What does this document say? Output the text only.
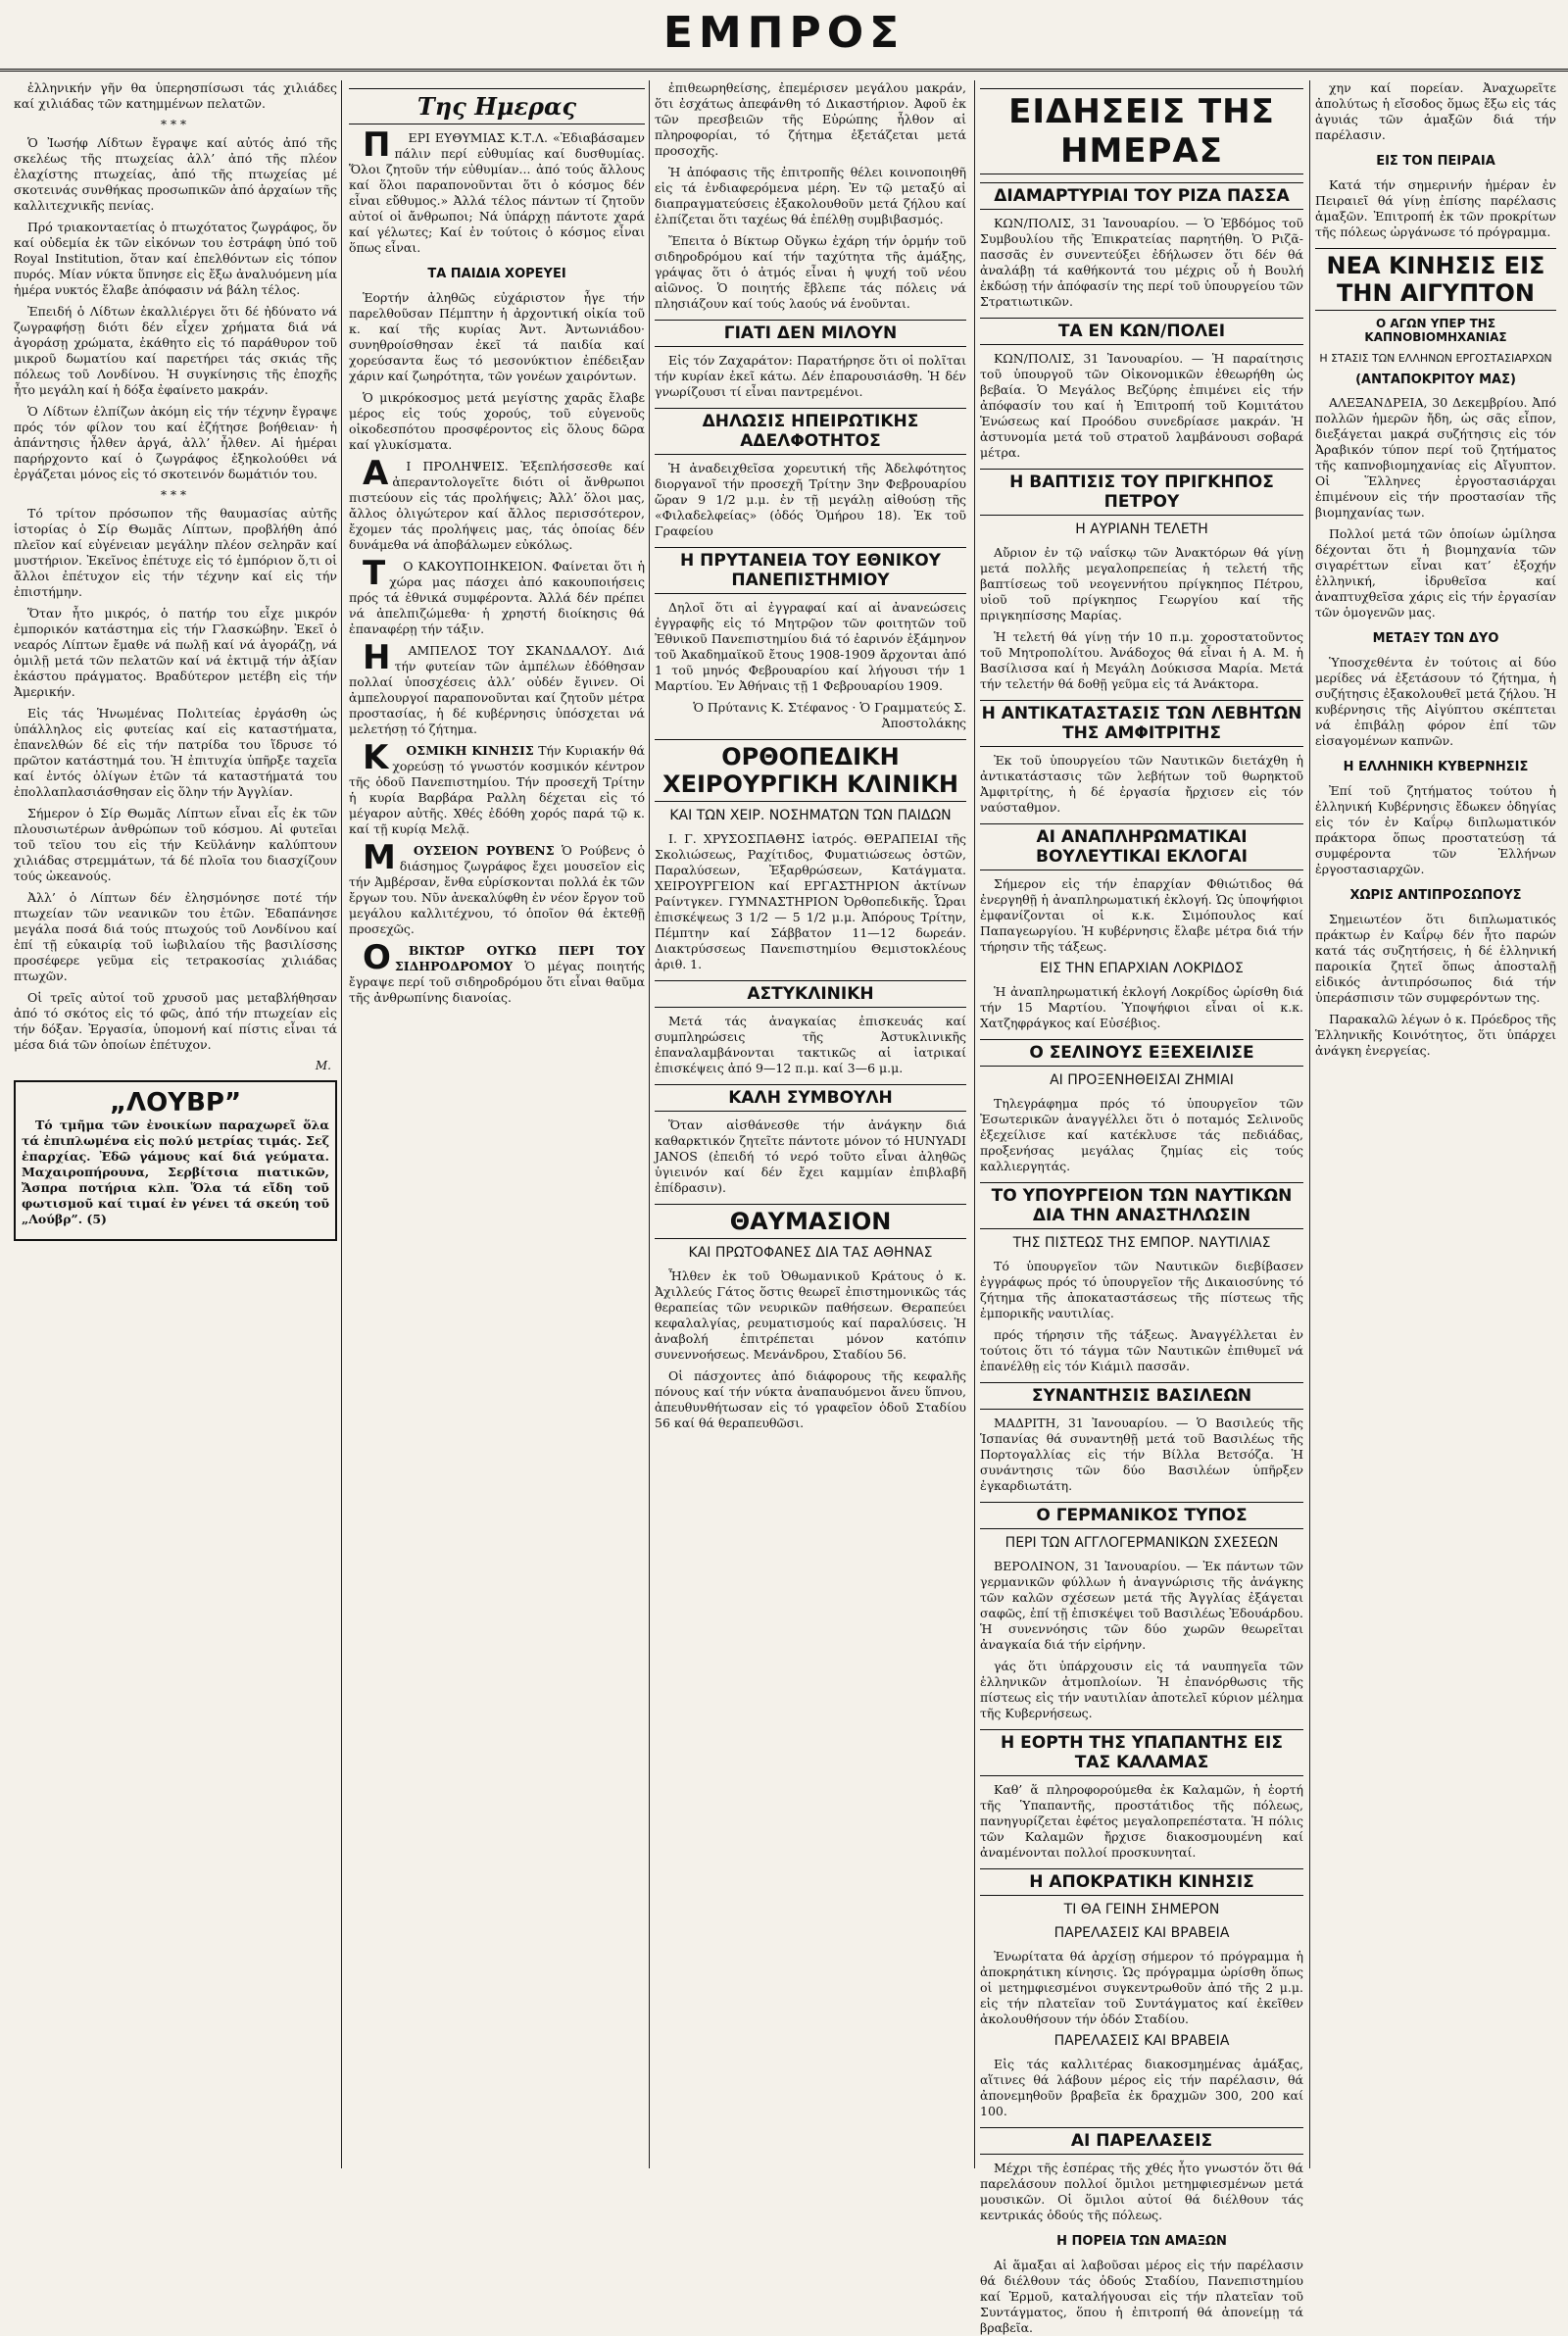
ΕΜΠΡΟΣ

ἐλληνικήν γῆν θα ὑπερησπίσωσι τάς χιλιάδες καί χιλιάδας τῶν κατημμένων πελατῶν.

***

Ὁ Ἰωσήφ Λίδτων ἔγραψε καί αὐτός ἀπό τῆς σκελέως τῆς πτωχείας ἀλλ’ ἀπό τῆς πλέον ἐλαχίστης πτωχείας, ἀπό τῆς πτωχείας μέ σκοτεινάς συνθήκας προσωπικῶν ἀπό ἀρχαίων τῆς καλλιτεχνικῆς πενίας.

Πρό τριακονταετίας ὁ πτωχότατος ζωγράφος, ὅν καί οὐδεμία ἐκ τῶν εἰκόνων του ἐστράφη ὑπό τοῦ Royal Institution, ὅταν καί ἐπελθόντων εἰς τόπον πυρός. Μίαν νύκτα ὕπνησε εἰς ἔξω ἀναλυόμενη μία ἡμέρα νυκτός ἔλαβε ἀπόφασιν νά βάλη τέλος.

Ἐπειδή ὁ Λίδτων ἐκαλλιέργει ὅτι δέ ἠδύνατο νά ζωγραφήσῃ διότι δέν εἶχεν χρήματα διά νά ἀγοράσῃ χρώματα, ἐκάθητο εἰς τό παράθυρον τοῦ μικροῦ δωματίου καί παρετήρει τάς σκιάς τῆς πόλεως τοῦ Λονδίνου. Ἡ συγκίνησις τῆς ἐποχῆς ἦτο μεγάλη καί ἡ δόξα ἐφαίνετο μακράν.

Ὁ Λίδτων ἐλπίζων ἀκόμη εἰς τήν τέχνην ἔγραψε πρός τόν φίλον του καί ἐζήτησε βοήθειαν· ἡ ἀπάντησις ἦλθεν ἀργά, ἀλλ’ ἦλθεν. Αἱ ἡμέραι παρήρχοντο καί ὁ ζωγράφος ἐξηκολούθει νά ἐργάζεται μόνος εἰς τό σκοτεινόν δωμάτιόν του.

***

Τό τρίτον πρόσωπον τῆς θαυμασίας αὐτῆς ἱστορίας ὁ Σίρ Θωμᾶς Λίπτων, προβλήθη ἀπό πλεῖον καί εὐγένειαν μεγάλην πλέον σεληρᾶν καί μυστήριον. Ἐκεῖνος ἐπέτυχε εἰς τό ἐμπόριον ὅ,τι οἱ ἄλλοι ἐπέτυχον εἰς τήν τέχνην καί εἰς τήν ἐπιστήμην.

Ὅταν ἦτο μικρός, ὁ πατήρ του εἶχε μικρόν ἐμπορικόν κατάστημα εἰς τήν Γλασκώβην. Ἐκεῖ ὁ νεαρός Λίπτων ἔμαθε νά πωλῇ καί νά ἀγοράζῃ, νά ὁμιλῇ μετά τῶν πελατῶν καί νά ἐκτιμᾷ τήν ἀξίαν ἑκάστου πράγματος. Βραδύτερον μετέβη εἰς τήν Ἀμερικήν.

Εἰς τάς Ἡνωμένας Πολιτείας ἐργάσθη ὡς ὑπάλληλος εἰς φυτείας καί εἰς καταστήματα, ἐπανελθών δέ εἰς τήν πατρίδα του ἵδρυσε τό πρῶτον κατάστημά του. Ἡ ἐπιτυχία ὑπῆρξε ταχεῖα καί ἐντός ὀλίγων ἐτῶν τά καταστήματά του ἐπολλαπλασιάσθησαν εἰς ὅλην τήν Ἀγγλίαν.

Σήμερον ὁ Σίρ Θωμᾶς Λίπτων εἶναι εἷς ἐκ τῶν πλουσιωτέρων ἀνθρώπων τοῦ κόσμου. Αἱ φυτεῖαι τοῦ τεϊου του εἰς τήν Κεϋλάνην καλύπτουν χιλιάδας στρεμμάτων, τά δέ πλοῖα του διασχίζουν τούς ὠκεανούς.

Ἀλλ’ ὁ Λίπτων δέν ἐλησμόνησε ποτέ τήν πτωχείαν τῶν νεανικῶν του ἐτῶν. Ἐδαπάνησε μεγάλα ποσά διά τούς πτωχούς τοῦ Λονδίνου καί ἐπί τῇ εὐκαιρίᾳ τοῦ ἰωβιλαίου τῆς βασιλίσσης προσέφερε γεῦμα εἰς τετρακοσίας χιλιάδας πτωχῶν.

Οἱ τρεῖς αὐτοί τοῦ χρυσοῦ μας μεταβλήθησαν ἀπό τό σκότος εἰς τό φῶς, ἀπό τήν πτωχείαν εἰς τήν δόξαν. Ἐργασία, ὑπομονή καί πίστις εἶναι τά μέσα διά τῶν ὁποίων ἐπέτυχον.

Μ.
„ΛΟΥΒΡ”

Τό τμῆμα τῶν ἐνοικίων παραχωρεῖ ὅλα τά ἐπιπλωμένα εἰς πολύ μετρίας τιμάς. Σεζ ἐπαρχίας. Ἐδῶ γάμους καί διά γεύματα. Μαχαιροπήρουνα, Σερβίτσια πιατικῶν, Ἄσπρα ποτήρια κλπ. Ὅλα τά εἴδη τοῦ φωτισμοῦ καί τιμαί ἐν γένει τά σκεύη τοῦ „Λούβρ”. (5)

Της Ημερας

Π	ΕΡΙ ΕΥΘΥΜΙΑΣ Κ.Τ.Λ. «Ἐδιαβάσαμεν πάλιν περί εὐθυμίας καί δυσθυμίας. Ὅλοι ζητοῦν τήν εὐθυμίαν... ἀπό τούς ἄλλους καί ὅλοι παραπονοῦνται ὅτι ὁ κόσμος δέν εἶναι εὔθυμος.» Ἀλλά τέλος πάντων τί ζητοῦν αὐτοί οἱ ἄνθρωποι; Νά ὑπάρχῃ πάντοτε χαρά καί γέλωτες; Καί ἐν τούτοις ὁ κόσμος εἶναι ὅπως εἶναι.

ΤΑ ΠΑΙΔΙΑ ΧΟΡΕΥΕΙ

Ἑορτήν ἀληθῶς εὐχάριστον ἦγε τήν παρελθοῦσαν Πέμπτην ἡ ἀρχοντική οἰκία τοῦ κ. καί τῆς κυρίας Ἀντ. Ἀντωνιάδου· συνηθροίσθησαν ἐκεῖ τά παιδία καί χορεύσαντα ἕως τό μεσονύκτιον ἐπέδειξαν χάριν καί ζωηρότητα, τῶν γονέων χαιρόντων.

Ὁ μικρόκοσμος μετά μεγίστης χαρᾶς ἔλαβε μέρος εἰς τούς χορούς, τοῦ εὐγενοῦς οἰκοδεσπότου προσφέροντος εἰς ὅλους δῶρα καί γλυκίσματα.

Α	Ι ΠΡΟΛΗΨΕΙΣ. Ἐξεπλήσσεσθε καί ἀπεραντολογεῖτε διότι οἱ ἄνθρωποι πιστεύουν εἰς τάς προλήψεις; Ἀλλ’ ὅλοι μας, ἄλλος ὀλιγώτερον καί ἄλλος περισσότερον, ἔχομεν τάς προλήψεις μας, τάς ὁποίας δέν δυνάμεθα νά ἀποβάλωμεν εὐκόλως.

Τ	Ο ΚΑΚΟΥΠΟΙΗΚΕΙΟΝ. Φαίνεται ὅτι ἡ χώρα μας πάσχει ἀπό κακουποιήσεις πρός τά ἐθνικά συμφέροντα. Ἀλλά δέν πρέπει νά ἀπελπιζώμεθα· ἡ χρηστή διοίκησις θά ἐπαναφέρῃ τήν τάξιν.

Η	ΑΜΠΕΛΟΣ ΤΟΥ ΣΚΑΝΔΑΛΟΥ. Διά τήν φυτείαν τῶν ἀμπέλων ἐδόθησαν πολλαί ὑποσχέσεις ἀλλ’ οὐδέν ἔγινεν. Οἱ ἀμπελουργοί παραπονοῦνται καί ζητοῦν μέτρα προστασίας, ἡ δέ κυβέρνησις ὑπόσχεται νά μελετήσῃ τό ζήτημα.

Κ	ΟΣΜΙΚΗ ΚΙΝΗΣΙΣ Τήν Κυριακήν θά χορεύσῃ τό γνωστόν κοσμικόν κέντρον τῆς ὁδοῦ Πανεπιστημίου. Τήν προσεχῆ Τρίτην ἡ κυρία Βαρβάρα Ραλλη δέχεται εἰς τό μέγαρον αὐτῆς. Χθές ἐδόθη χορός παρά τῷ κ. καί τῇ κυρίᾳ Μελᾷ.

Μ	ΟΥΣΕΙΟΝ ΡΟΥΒΕΝΣ Ὁ Ρούβενς ὁ διάσημος ζωγράφος ἔχει μουσεῖον εἰς τήν Ἀμβέρσαν, ἔνθα εὑρίσκονται πολλά ἐκ τῶν ἔργων του. Νῦν ἀνεκαλύφθη ἐν νέον ἔργον τοῦ μεγάλου καλλιτέχνου, τό ὁποῖον θά ἐκτεθῇ προσεχῶς.

Ο	ΒΙΚΤΩΡ ΟΥΓΚΩ ΠΕΡΙ ΤΟΥ ΣΙΔΗΡΟΔΡΟΜΟΥ Ὁ μέγας ποιητής ἔγραψε περί τοῦ σιδηροδρόμου ὅτι εἶναι θαῦμα τῆς ἀνθρωπίνης διανοίας.

ἐπιθεωρηθείσης, ἐπεμέρισεν μεγάλου μακράν, ὅτι ἐσχάτως ἀπεφάνθη τό Δικαστήριον. Ἀφοῦ ἐκ τῶν πρεσβειῶν τῆς Εὐρώπης ἦλθον αἱ πληροφορίαι, τό ζήτημα ἐξετάζεται μετά προσοχῆς.

Ἡ ἀπόφασις τῆς ἐπιτροπῆς θέλει κοινοποιηθῆ εἰς τά ἐνδιαφερόμενα μέρη. Ἐν τῷ μεταξύ αἱ διαπραγματεύσεις ἐξακολουθοῦν μετά ζήλου καί ἐλπίζεται ὅτι ταχέως θά ἐπέλθῃ συμβιβασμός.

Ἔπειτα ὁ Βίκτωρ Οὔγκω ἐχάρη τήν ὁρμήν τοῦ σιδηροδρόμου καί τήν ταχύτητα τῆς ἁμάξης, γράψας ὅτι ὁ ἀτμός εἶναι ἡ ψυχή τοῦ νέου αἰῶνος. Ὁ ποιητής ἔβλεπε τάς πόλεις νά πλησιάζουν καί τούς λαούς νά ἑνοῦνται.

ΓΙΑΤΙ ΔΕΝ ΜΙΛΟΥΝ

Εἰς τόν Ζαχαράτον: Παρατήρησε ὅτι οἱ πολῖται τήν κυρίαν ἐκεῖ κάτω. Δέν ἐπαρουσιάσθη. Ἡ δέν γνωρίζουσι τί εἶναι παντρεμένοι.

ΔΗΛΩΣΙΣ ΗΠΕΙΡΩΤΙΚΗΣ ΑΔΕΛΦΟΤΗΤΟΣ

Ἡ ἀναδειχθεῖσα χορευτική τῆς Ἀδελφότητος διοργανοῖ τήν προσεχῆ Τρίτην 3ην Φεβρουαρίου ὥραν 9 1/2 μ.μ. ἐν τῇ μεγάλῃ αἰθούσῃ τῆς «Φιλαδελφείας» (ὁδός Ὁμήρου 18). Ἐκ τοῦ Γραφείου

Η ΠΡΥΤΑΝΕΙΑ ΤΟΥ ΕΘΝΙΚΟΥ ΠΑΝΕΠΙΣΤΗΜΙΟΥ

Δηλοῖ ὅτι αἱ ἐγγραφαί καί αἱ ἀνανεώσεις ἐγγραφῆς εἰς τό Μητρῷον τῶν φοιτητῶν τοῦ Ἐθνικοῦ Πανεπιστημίου διά τό ἐαρινόν ἑξάμηνον τοῦ Ἀκαδημαϊκοῦ ἔτους 1908-1909 ἄρχονται ἀπό 1 τοῦ μηνός Φεβρουαρίου καί λήγουσι τήν 1 Μαρτίου. Ἐν Ἀθήναις τῇ 1 Φεβρουαρίου 1909.

Ὁ Πρύτανις Κ. Στέφανος · Ὁ Γραμματεύς Σ. Ἀποστολάκης

ΟΡΘΟΠΕΔΙΚΗ ΧΕΙΡΟΥΡΓΙΚΗ ΚΛΙΝΙΚΗ
ΚΑΙ ΤΩΝ ΧΕΙΡ. ΝΟΣΗΜΑΤΩΝ ΤΩΝ ΠΑΙΔΩΝ

Ι. Γ. ΧΡΥΣΟΣΠΑΘΗΣ ἰατρός. ΘΕΡΑΠΕΙΑΙ τῆς Σκολιώσεως, Ραχίτιδος, Φυματιώσεως ὀστῶν, Παραλύσεων, Ἐξαρθρώσεων, Κατάγματα. ΧΕΙΡΟΥΡΓΕΙΟΝ καί ΕΡΓΑΣΤΗΡΙΟΝ ἀκτίνων Ραίντγκεν. ΓΥΜΝΑΣΤΗΡΙΟΝ Ὀρθοπεδικῆς. Ὧραι ἐπισκέψεως 3 1/2 — 5 1/2 μ.μ. Ἀπόρους Τρίτην, Πέμπτην καί Σάββατον 11—12 δωρεάν. Διακτρύσσεως Πανεπιστημίου Θεμιστοκλέους ἀριθ. 1.

ΑΣΤΥΚΛΙΝΙΚΗ

Μετά τάς ἀναγκαίας ἐπισκευάς καί συμπληρώσεις τῆς Ἀστυκλινικῆς ἐπαναλαμβάνονται τακτικῶς αἱ ἰατρικαί ἐπισκέψεις ἀπό 9—12 π.μ. καί 3—6 μ.μ.

ΚΑΛΗ ΣΥΜΒΟΥΛΗ

Ὅταν αἰσθάνεσθε τήν ἀνάγκην διά καθαρκτικόν ζητεῖτε πάντοτε μόνον τό HUNYADI JANOS (ἐπειδή τό νερό τοῦτο εἶναι ἀληθῶς ὑγιεινόν καί δέν ἔχει καμμίαν ἐπιβλαβῆ ἐπίδρασιν).

ΘΑΥΜΑΣΙΟΝ
ΚΑΙ ΠΡΩΤΟΦΑΝΕΣ ΔΙΑ ΤΑΣ ΑΘΗΝΑΣ

Ἦλθεν ἐκ τοῦ Ὀθωμανικοῦ Κράτους ὁ κ. Ἀχιλλεύς Γάτος ὅστις θεωρεῖ ἐπιστημονικῶς τάς θεραπείας τῶν νευρικῶν παθήσεων. Θεραπεύει κεφαλαλγίας, ρευματισμούς καί παραλύσεις. Ἡ ἀναβολή ἐπιτρέπεται μόνον κατόπιν συνεννοήσεως. Μενάνδρου, Σταδίου 56.

Οἱ πάσχοντες ἀπό διάφορους τῆς κεφαλῆς πόνους καί τήν νύκτα ἀναπαυόμενοι ἄνευ ὕπνου, ἀπευθυνθήτωσαν εἰς τό γραφεῖον ὁδοῦ Σταδίου 56 καί θά θεραπευθῶσι.

ΕΙΔΗΣΕΙΣ ΤΗΣ ΗΜΕΡΑΣ
ΔΙΑΜΑΡΤΥΡΙΑΙ ΤΟΥ ΡΙΖΑ ΠΑΣΣΑ

ΚΩΝ/ΠΟΛΙΣ, 31 Ἰανουαρίου. — Ὁ Ἐβδόμος τοῦ Συμβουλίου τῆς Ἐπικρατείας παρητήθη. Ὁ Ριζᾶ-πασσᾶς ἐν συνεντεύξει ἐδήλωσεν ὅτι δέν θά ἀναλάβῃ τά καθήκοντά του μέχρις οὗ ἡ Βουλή ἐκδώσῃ τήν ἀπόφασίν της περί τοῦ ὑπουργείου τῶν Στρατιωτικῶν.

ΤΑ ΕΝ ΚΩΝ/ΠΟΛΕΙ

ΚΩΝ/ΠΟΛΙΣ, 31 Ἰανουαρίου. — Ἡ παραίτησις τοῦ ὑπουργοῦ τῶν Οἰκονομικῶν ἐθεωρήθη ὡς βεβαία. Ὁ Μεγάλος Βεζύρης ἐπιμένει εἰς τήν ἀπόφασίν του καί ἡ Ἐπιτροπή τοῦ Κομιτάτου Ἑνώσεως καί Προόδου συνεδρίασε μακράν. Ἡ ἀστυνομία μετά τοῦ στρατοῦ λαμβάνουσι σοβαρά μέτρα.

Η ΒΑΠΤΙΣΙΣ ΤΟΥ ΠΡΙΓΚΗΠΟΣ ΠΕΤΡΟΥ
Η ΑΥΡΙΑΝΗ ΤΕΛΕΤΗ

Αὔριον ἐν τῷ ναΐσκῳ τῶν Ἀνακτόρων θά γίνῃ μετά πολλῆς μεγαλοπρεπείας ἡ τελετή τῆς βαπτίσεως τοῦ νεογεννήτου πρίγκηπος Πέτρου, υἱοῦ τοῦ πρίγκηπος Γεωργίου καί τῆς πριγκηπίσσης Μαρίας.

Ἡ τελετή θά γίνῃ τήν 10 π.μ. χοροστατοῦντος τοῦ Μητροπολίτου. Ἀνάδοχος θά εἶναι ἡ Α. Μ. ἡ Βασίλισσα καί ἡ Μεγάλη Δούκισσα Μαρία. Μετά τήν τελετήν θά δοθῇ γεῦμα εἰς τά Ἀνάκτορα.

Η ΑΝΤΙΚΑΤΑΣΤΑΣΙΣ ΤΩΝ ΛΕΒΗΤΩΝ ΤΗΣ ΑΜΦΙΤΡΙΤΗΣ

Ἐκ τοῦ ὑπουργείου τῶν Ναυτικῶν διετάχθη ἡ ἀντικατάστασις τῶν λεβήτων τοῦ θωρηκτοῦ Ἀμφιτρίτης, ἡ δέ ἐργασία ἤρχισεν εἰς τόν ναύσταθμον.

ΑΙ ΑΝΑΠΛΗΡΩΜΑΤΙΚΑΙ ΒΟΥΛΕΥΤΙΚΑΙ ΕΚΛΟΓΑΙ

Σήμερον εἰς τήν ἐπαρχίαν Φθιώτιδος θά ἐνεργηθῇ ἡ ἀναπληρωματική ἐκλογή. Ὡς ὑποψήφιοι ἐμφανίζονται οἱ κ.κ. Σιμόπουλος καί Παπαγεωργίου. Ἡ κυβέρνησις ἔλαβε μέτρα διά τήν τήρησιν τῆς τάξεως.

ΕΙΣ ΤΗΝ ΕΠΑΡΧΙΑΝ ΛΟΚΡΙΔΟΣ

Ἡ ἀναπληρωματική ἐκλογή Λοκρίδος ὡρίσθη διά τήν 15 Μαρτίου. Ὑποψήφιοι εἶναι οἱ κ.κ. Χατζηφράγκος καί Εὐσέβιος.

Ο ΣΕΛΙΝΟΥΣ ΕΞΕΧΕΙΛΙΣΕ
ΑΙ ΠΡΟΞΕΝΗΘΕΙΣΑΙ ΖΗΜΙΑΙ

Τηλεγράφημα πρός τό ὑπουργεῖον τῶν Ἐσωτερικῶν ἀναγγέλλει ὅτι ὁ ποταμός Σελινοῦς ἐξεχείλισε καί κατέκλυσε τάς πεδιάδας, προξενήσας μεγάλας ζημίας εἰς τούς καλλιεργητάς.

ΤΟ ΥΠΟΥΡΓΕΙΟΝ ΤΩΝ ΝΑΥΤΙΚΩΝ ΔΙΑ ΤΗΝ ΑΝΑΣΤΗΛΩΣΙΝ
ΤΗΣ ΠΙΣΤΕΩΣ ΤΗΣ ΕΜΠΟΡ. ΝΑΥΤΙΛΙΑΣ

Τό ὑπουργεῖον τῶν Ναυτικῶν διεβίβασεν ἐγγράφως πρός τό ὑπουργεῖον τῆς Δικαιοσύνης τό ζήτημα τῆς ἀποκαταστάσεως τῆς πίστεως τῆς ἐμπορικῆς ναυτιλίας.

πρός τήρησιν τῆς τάξεως. Ἀναγγέλλεται ἐν τούτοις ὅτι τό τάγμα τῶν Ναυτικῶν ἐπιθυμεῖ νά ἐπανέλθῃ εἰς τόν Κιάμιλ πασσᾶν.

ΣΥΝΑΝΤΗΣΙΣ ΒΑΣΙΛΕΩΝ

ΜΑΔΡΙΤΗ, 31 Ἰανουαρίου. — Ὁ Βασιλεύς τῆς Ἱσπανίας θά συναντηθῇ μετά τοῦ Βασιλέως τῆς Πορτογαλλίας εἰς τήν Βίλλα Βετσόζα. Ἡ συνάντησις τῶν δύο Βασιλέων ὑπῆρξεν ἐγκαρδιωτάτη.

Ο ΓΕΡΜΑΝΙΚΟΣ ΤΥΠΟΣ
ΠΕΡΙ ΤΩΝ ΑΓΓΛΟΓΕΡΜΑΝΙΚΩΝ ΣΧΕΣΕΩΝ

ΒΕΡΟΛΙΝΟΝ, 31 Ἰανουαρίου. — Ἐκ πάντων τῶν γερμανικῶν φύλλων ἡ ἀναγνώρισις τῆς ἀνάγκης τῶν καλῶν σχέσεων μετά τῆς Ἀγγλίας ἐξάγεται σαφῶς, ἐπί τῇ ἐπισκέψει τοῦ Βασιλέως Ἐδουάρδου. Ἡ συνεννόησις τῶν δύο χωρῶν θεωρεῖται ἀναγκαία διά τήν εἰρήνην.

γάς ὅτι ὑπάρχουσιν εἰς τά ναυπηγεῖα τῶν ἑλληνικῶν ἀτμοπλοίων. Ἡ ἐπανόρθωσις τῆς πίστεως εἰς τήν ναυτιλίαν ἀποτελεῖ κύριον μέλημα τῆς Κυβερνήσεως.

Η ΕΟΡΤΗ ΤΗΣ ΥΠΑΠΑΝΤΗΣ ΕΙΣ ΤΑΣ ΚΑΛΑΜΑΣ

Καθ’ ἅ πληροφορούμεθα ἐκ Καλαμῶν, ἡ ἑορτή τῆς Ὑπαπαντῆς, προστάτιδος τῆς πόλεως, πανηγυρίζεται ἐφέτος μεγαλοπρεπέστατα. Ἡ πόλις τῶν Καλαμῶν ἤρχισε διακοσμουμένη καί ἀναμένονται πολλοί προσκυνηταί.

Η ΑΠΟΚΡΑΤΙΚΗ ΚΙΝΗΣΙΣ
ΤΙ ΘΑ ΓΕΙΝΗ ΣΗΜΕΡΟΝ
ΠΑΡΕΛΑΣΕΙΣ ΚΑΙ ΒΡΑΒΕΙΑ

Ἐνωρίτατα θά ἀρχίσῃ σήμερον τό πρόγραμμα ἡ ἀποκρηάτικη κίνησις. Ὡς πρόγραμμα ὠρίσθη ὅπως οἱ μετημφιεσμένοι συγκεντρωθοῦν ἀπό τῆς 2 μ.μ. εἰς τήν πλατεῖαν τοῦ Συντάγματος καί ἐκεῖθεν ἀκολουθήσουν τήν ὁδόν Σταδίου.

ΠΑΡΕΛΑΣΕΙΣ ΚΑΙ ΒΡΑΒΕΙΑ

Εἰς τάς καλλιτέρας διακοσμημένας ἁμάξας, αἵτινες θά λάβουν μέρος εἰς τήν παρέλασιν, θά ἀπονεμηθοῦν βραβεῖα ἐκ δραχμῶν 300, 200 καί 100.

ΑΙ ΠΑΡΕΛΑΣΕΙΣ

Μέχρι τῆς ἑσπέρας τῆς χθές ἦτο γνωστόν ὅτι θά παρελάσουν πολλοί ὅμιλοι μετημφιεσμένων μετά μουσικῶν. Οἱ ὅμιλοι αὐτοί θά διέλθουν τάς κεντρικάς ὁδούς τῆς πόλεως.

Η ΠΟΡΕΙΑ ΤΩΝ ΑΜΑΞΩΝ

Αἱ ἅμαξαι αἱ λαβοῦσαι μέρος εἰς τήν παρέλασιν θά διέλθουν τάς ὁδούς Σταδίου, Πανεπιστημίου καί Ἑρμοῦ, καταλήγουσαι εἰς τήν πλατεῖαν τοῦ Συντάγματος, ὅπου ἡ ἐπιτροπή θά ἀπονείμῃ τά βραβεῖα.

χην καί πορείαν. Ἀναχωρεῖτε ἀπολύτως ἡ εἴσοδος ὅμως ἔξω εἰς τάς ἀγυιάς τῶν ἁμαξῶν διά τήν παρέλασιν.

ΕΙΣ ΤΟΝ ΠΕΙΡΑΙΑ

Κατά τήν σημερινήν ἡμέραν ἐν Πειραιεῖ θά γίνῃ ἐπίσης παρέλασις ἁμαξῶν. Ἐπιτροπή ἐκ τῶν προκρίτων τῆς πόλεως ὠργάνωσε τό πρόγραμμα.

ΝΕΑ ΚΙΝΗΣΙΣ ΕΙΣ ΤΗΝ ΑΙΓΥΠΤΟΝ
Ο ΑΓΩΝ ΥΠΕΡ ΤΗΣ ΚΑΠΝΟΒΙΟΜΗΧΑΝΙΑΣ
Η ΣΤΑΣΙΣ ΤΩΝ ΕΛΛΗΝΩΝ ΕΡΓΟΣΤΑΣΙΑΡΧΩΝ
(ΑΝΤΑΠΟΚΡΙΤΟΥ ΜΑΣ)

ΑΛΕΞΑΝΔΡΕΙΑ, 30 Δεκεμβρίου. Ἀπό πολλῶν ἡμερῶν ἤδη, ὡς σᾶς εἶπον, διεξάγεται μακρά συζήτησις εἰς τόν Ἀραβικόν τύπον περί τοῦ ζητήματος τῆς καπνοβιομηχανίας εἰς Αἴγυπτον. Οἱ Ἕλληνες ἐργοστασιάρχαι ἐπιμένουν εἰς τήν προστασίαν τῆς βιομηχανίας των.

Πολλοί μετά τῶν ὁποίων ὡμίλησα δέχονται ὅτι ἡ βιομηχανία τῶν σιγαρέττων εἶναι κατ’ ἐξοχήν ἑλληνική, ἰδρυθεῖσα καί ἀναπτυχθεῖσα χάρις εἰς τήν ἐργασίαν τῶν ὁμογενῶν μας.

ΜΕΤΑΞΥ ΤΩΝ ΔΥΟ

Ὑποσχεθέντα ἐν τούτοις αἱ δύο μερίδες νά ἐξετάσουν τό ζήτημα, ἡ συζήτησις ἐξακολουθεῖ μετά ζήλου. Ἡ κυβέρνησις τῆς Αἰγύπτου σκέπτεται νά ἐπιβάλῃ φόρον ἐπί τῶν εἰσαγομένων καπνῶν.

Η ΕΛΛΗΝΙΚΗ ΚΥΒΕΡΝΗΣΙΣ

Ἐπί τοῦ ζητήματος τούτου ἡ ἑλληνική Κυβέρνησις ἔδωκεν ὁδηγίας εἰς τόν ἐν Καΐρῳ διπλωματικόν πράκτορα ὅπως προστατεύσῃ τά συμφέροντα τῶν Ἑλλήνων ἐργοστασιαρχῶν.

ΧΩΡΙΣ ΑΝΤΙΠΡΟΣΩΠΟΥΣ

Σημειωτέον ὅτι διπλωματικός πράκτωρ ἐν Καΐρῳ δέν ἦτο παρών κατά τάς συζητήσεις, ἡ δέ ἑλληνική παροικία ζητεῖ ὅπως ἀποσταλῇ εἰδικός ἀντιπρόσωπος διά τήν ὑπεράσπισιν τῶν συμφερόντων της.

Παρακαλῶ λέγων ὁ κ. Πρόεδρος τῆς Ἑλληνικῆς Κοινότητος, ὅτι ὑπάρχει ἀνάγκη ἐνεργείας.
